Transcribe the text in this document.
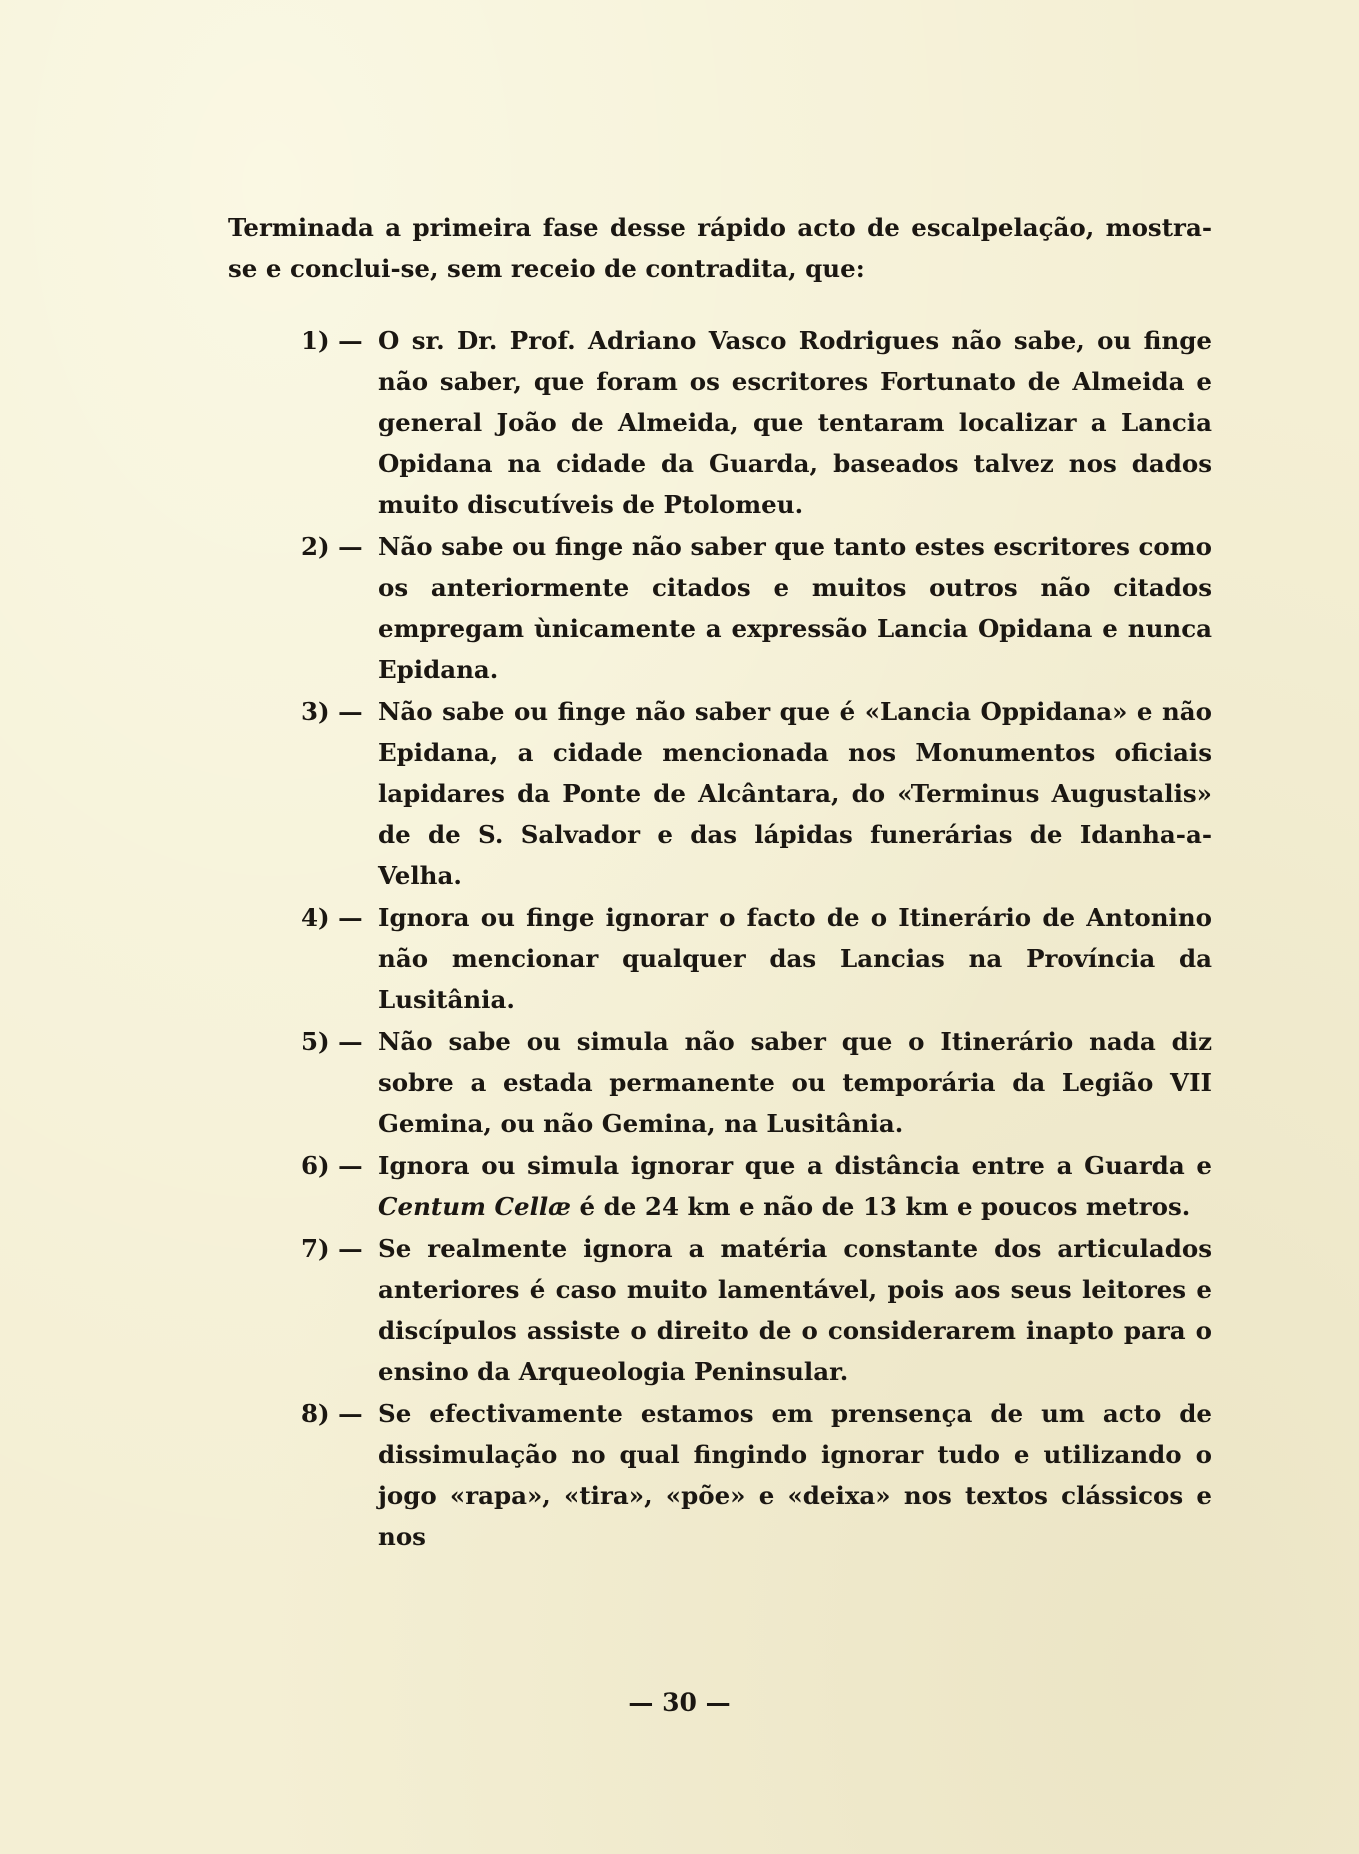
Terminada a primeira fase desse rápido acto de escalpelação, mostra-se e conclui-se, sem receio de contradita, que:

1) — O sr. Dr. Prof. Adriano Vasco Rodrigues não sabe, ou finge não saber, que foram os escritores Fortunato de Almeida e general João de Almeida, que tentaram localizar a Lancia Opidana na cidade da Guarda, baseados talvez nos dados muito discutíveis de Ptolomeu.
2) — Não sabe ou finge não saber que tanto estes escritores como os anteriormente citados e muitos outros não citados empregam ùnicamente a expressão Lancia Opidana e nunca Epidana.
3) — Não sabe ou finge não saber que é «Lancia Oppidana» e não Epidana, a cidade mencionada nos Monumentos oficiais lapidares da Ponte de Alcântara, do «Terminus Augustalis» de de S. Salvador e das lápidas funerárias de Idanha-a-Velha.
4) — Ignora ou finge ignorar o facto de o Itinerário de Antonino não mencionar qualquer das Lancias na Província da Lusitânia.
5) — Não sabe ou simula não saber que o Itinerário nada diz sobre a estada permanente ou temporária da Legião VII Gemina, ou não Gemina, na Lusitânia.
6) — Ignora ou simula ignorar que a distância entre a Guarda e Centum Cellæ é de 24 km e não de 13 km e poucos metros.
7) — Se realmente ignora a matéria constante dos articulados anteriores é caso muito lamentável, pois aos seus leitores e discípulos assiste o direito de o considerarem inapto para o ensino da Arqueologia Peninsular.
8) — Se efectivamente estamos em prensença de um acto de dissimulação no qual fingindo ignorar tudo e utilizando o jogo «rapa», «tira», «põe» e «deixa» nos textos clássicos e nos
— 30 —
